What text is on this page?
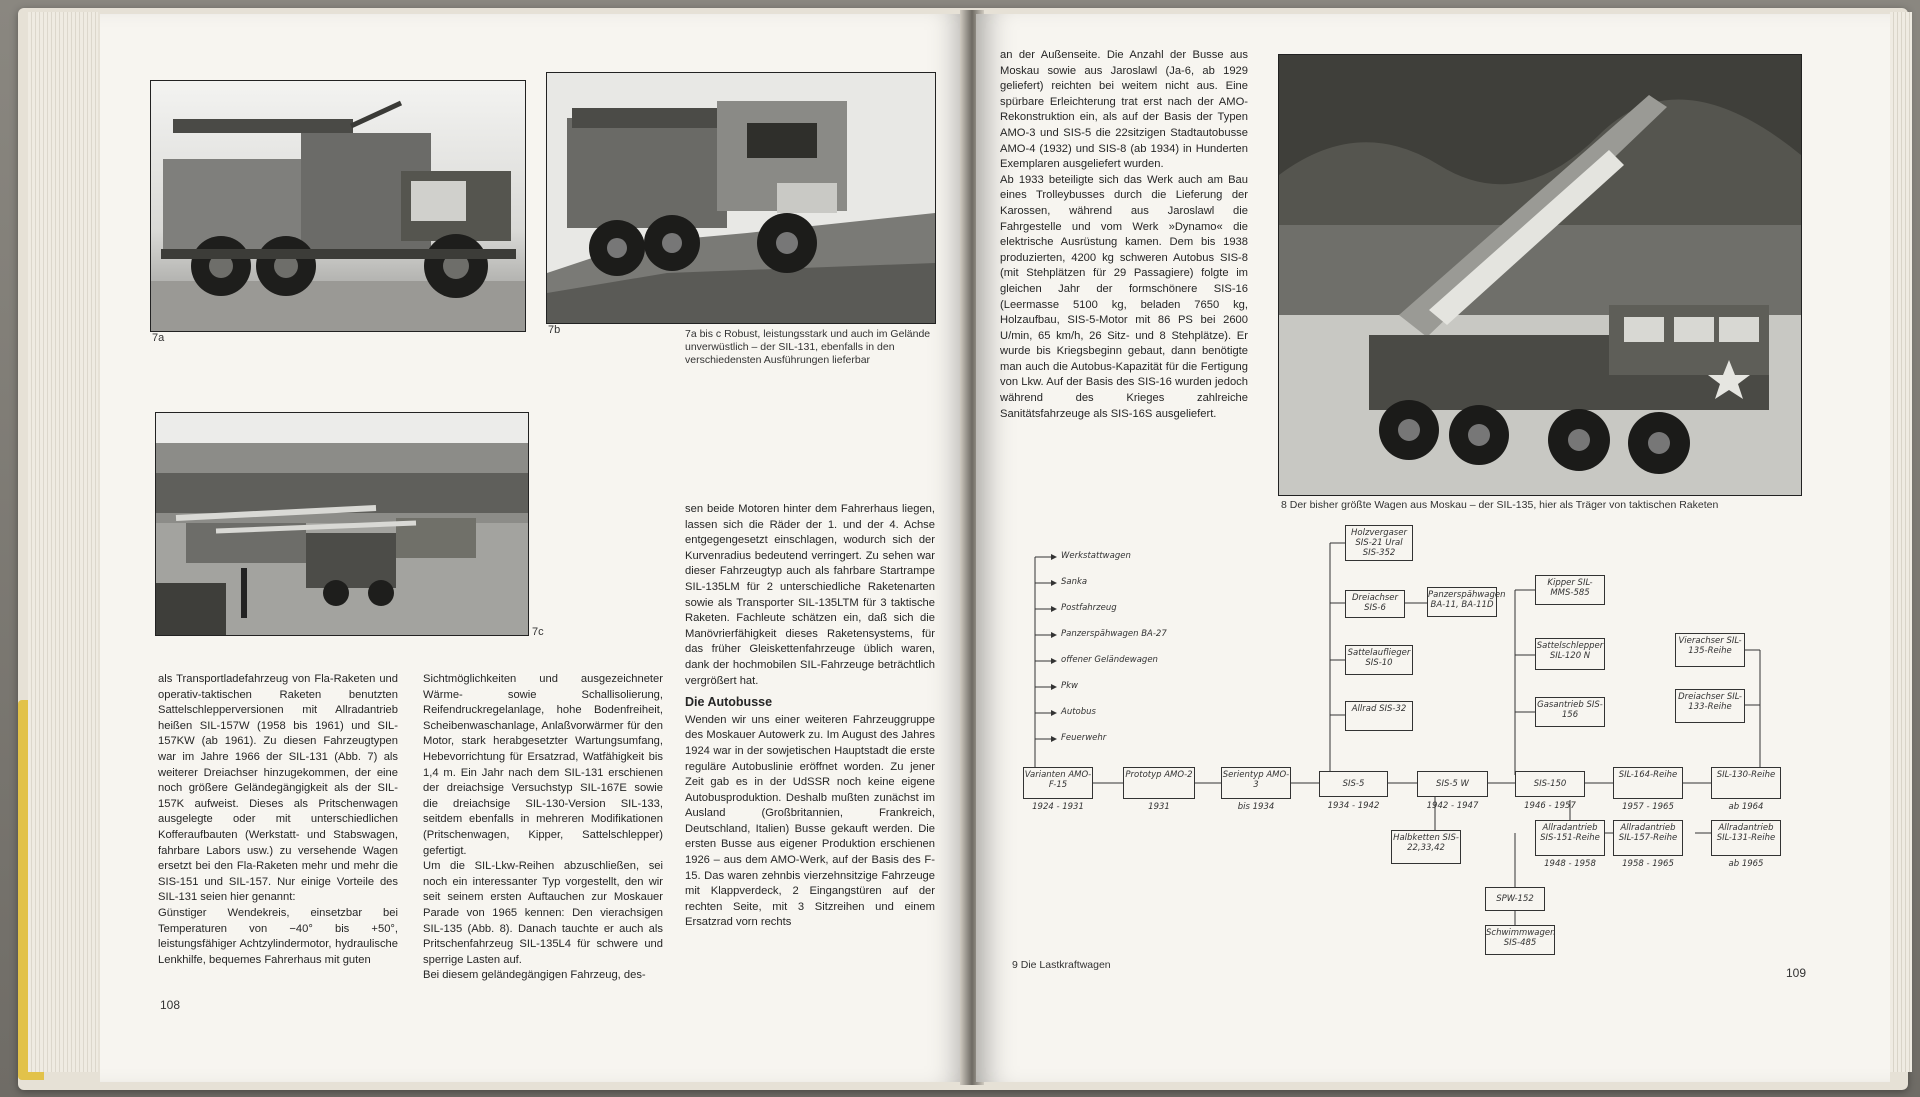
7a
7b	7a bis c Robust, leistungsstark und auch im Gelände unverwüstlich – der SIL-131, ebenfalls in den verschiedensten Ausführungen lieferbar
7c

als Transportladefahrzeug von Fla-Raketen und operativ-taktischen Raketen benutzten Sattelschlepperversionen mit Allradantrieb heißen SIL-157W (1958 bis 1961) und SIL-157KW (ab 1961). Zu diesen Fahrzeugtypen war im Jahre 1966 der SIL-131 (Abb. 7) als weiterer Dreiachser hinzugekommen, der eine noch größere Geländegängigkeit als der SIL-157K aufweist. Dieses als Pritschenwagen ausgelegte oder mit unterschiedlichen Kofferaufbauten (Werkstatt- und Stabswagen, fahrbare Labors usw.) zu versehende Wagen ersetzt bei den Fla-Raketen mehr und mehr die SIS-151 und SIL-157. Nur einige Vorteile des SIL-131 seien hier genannt:

Günstiger Wendekreis, einsetzbar bei Temperaturen von −40° bis +50°, leistungsfähiger Achtzylindermotor, hydraulische Lenkhilfe, bequemes Fahrerhaus mit guten

Sichtmöglichkeiten und ausgezeichneter Wärme- sowie Schallisolierung, Reifendruckregelanlage, hohe Bodenfreiheit, Scheibenwaschanlage, Anlaßvorwärmer für den Motor, stark herabgesetzter Wartungsumfang, Hebevorrichtung für Ersatzrad, Watfähigkeit bis 1,4 m. Ein Jahr nach dem SIL-131 erschienen der dreiachsige Versuchstyp SIL-167E sowie die dreiachsige SIL-130-Version SIL-133, seitdem ebenfalls in mehreren Modifikationen (Pritschenwagen, Kipper, Sattelschlepper) gefertigt.

Um die SIL-Lkw-Reihen abzuschließen, sei noch ein interessanter Typ vorgestellt, den wir seit seinem ersten Auftauchen zur Moskauer Parade von 1965 kennen: Den vierachsigen SIL-135 (Abb. 8). Danach tauchte er auch als Pritschenfahrzeug SIL-135L4 für schwere und sperrige Lasten auf.

Bei diesem geländegängigen Fahrzeug, des-

sen beide Motoren hinter dem Fahrerhaus liegen, lassen sich die Räder der 1. und der 4. Achse entgegengesetzt einschlagen, wodurch sich der Kurvenradius bedeutend verringert. Zu sehen war dieser Fahrzeugtyp auch als fahrbare Startrampe SIL-135LM für 2 unterschiedliche Raketenarten sowie als Transporter SIL-135LTM für 3 taktische Raketen. Fachleute schätzen ein, daß sich die Manövrierfähigkeit dieses Raketensystems, für das früher Gleiskettenfahrzeuge üblich waren, dank der hochmobilen SIL-Fahrzeuge beträchtlich vergrößert hat.

Die Autobusse

Wenden wir uns einer weiteren Fahrzeuggruppe des Moskauer Autowerk zu. Im August des Jahres 1924 war in der sowjetischen Hauptstadt die erste reguläre Autobuslinie eröffnet worden. Zu jener Zeit gab es in der UdSSR noch keine eigene Autobusproduktion. Deshalb mußten zunächst im Ausland (Großbritannien, Frankreich, Deutschland, Italien) Busse gekauft werden. Die ersten Busse aus eigener Produktion erschienen 1926 – aus dem AMO-Werk, auf der Basis des F-15. Das waren zehnbis vierzehnsitzige Fahrzeuge mit Klappverdeck, 2 Eingangstüren auf der rechten Seite, mit 3 Sitzreihen und einem Ersatzrad vorn rechts

108

an der Außenseite. Die Anzahl der Busse aus Moskau sowie aus Jaroslawl (Ja-6, ab 1929 geliefert) reichten bei weitem nicht aus. Eine spürbare Erleichterung trat erst nach der AMO-Rekonstruktion ein, als auf der Basis der Typen AMO-3 und SIS-5 die 22sitzigen Stadtautobusse AMO-4 (1932) und SIS-8 (ab 1934) in Hunderten Exemplaren ausgeliefert wurden.

Ab 1933 beteiligte sich das Werk auch am Bau eines Trolleybusses durch die Lieferung der Karossen, während aus Jaroslawl die Fahrgestelle und vom Werk »Dynamo« die elektrische Ausrüstung kamen. Dem bis 1938 produzierten, 4200 kg schweren Autobus SIS-8 (mit Stehplätzen für 29 Passagiere) folgte im gleichen Jahr der formschönere SIS-16 (Leermasse 5100 kg, beladen 7650 kg, Holzaufbau, SIS-5-Motor mit 86 PS bei 2600 U/min, 65 km/h, 26 Sitz- und 8 Stehplätze). Er wurde bis Kriegsbeginn gebaut, dann benötigte man auch die Autobus-Kapazität für die Fertigung von Lkw. Auf der Basis des SIS-16 wurden jedoch während des Krieges zahlreiche Sanitätsfahrzeuge als SIS-16S ausgeliefert.

8 Der bisher größte Wagen aus Moskau – der SIL-135, hier als Träger von taktischen Raketen
9 Die Lastkraftwagen
109
Werkstattwagen
Sanka
Postfahrzeug
Panzerspähwagen BA-27
offener Geländewagen
Pkw
Autobus
Feuerwehr
Varianten AMO-F-15
1924 - 1931
Prototyp AMO-2
1931
Serientyp AMO-3
bis 1934
SIS-5
1934 - 1942
SIS-5 W
1942 - 1947
SIS-150
1946 - 1957
SIL-164-Reihe
1957 - 1965
SIL-130-Reihe
ab 1964
Holzvergaser SIS-21 Ural SIS-352
Dreiachser SIS-6
Sattelauflieger SIS-10
Allrad SIS-32
Panzerspähwagen BA-11, BA-11D
Halbketten SIS-22,33,42
Kipper SIL-MMS-585
Sattelschlepper SIL-120 N
Gasantrieb SIS-156
Vierachser SIL-135-Reihe
Dreiachser SIL-133-Reihe
Allradantrieb SIS-151-Reihe
1948 - 1958
Allradantrieb SIL-157-Reihe
1958 - 1965
Allradantrieb SIL-131-Reihe
ab 1965
SPW-152
Schwimmwagen SIS-485
